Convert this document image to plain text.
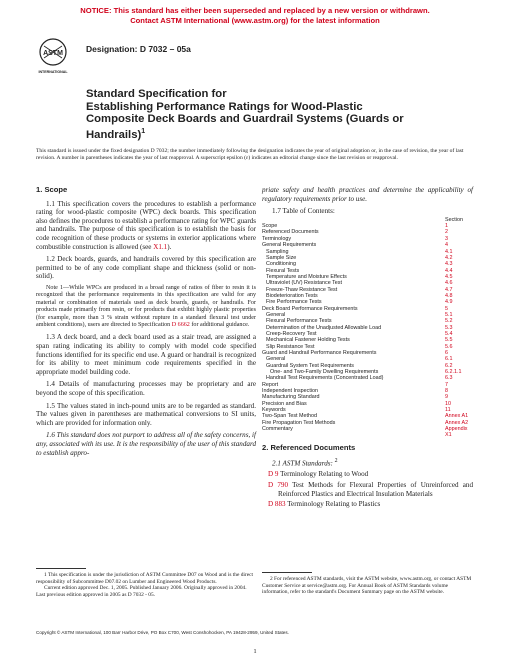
NOTICE: This standard has either been superseded and replaced by a new version or withdrawn.
Contact ASTM International (www.astm.org) for the latest information
ASTM
INTERNATIONAL
Designation: D 7032 – 05a
Standard Specification for
Establishing Performance Ratings for Wood-Plastic
Composite Deck Boards and Guardrail Systems (Guards or
Handrails)$^1$
This standard is issued under the fixed designation D 7032; the number immediately following the designation indicates the year of original adoption or, in the case of revision, the year of last revision. A number in parentheses indicates the year of last reapproval. A superscript epsilon (ε) indicates an editorial change since the last revision or reapproval.
1. Scope

1.1 This specification covers the procedures to establish a performance rating for wood-plastic composite (WPC) deck boards. This specification also defines the procedures to establish a performance rating for WPC guards and handrails. The purpose of this specification is to establish the basis for code recognition of these products or systems in exterior applications where combustible construction is allowed (see X1.1).

1.2 Deck boards, guards, and handrails covered by this specification are permitted to be of any code compliant shape and thickness (solid or non-solid).

Note 1—While WPCs are produced in a broad range of ratios of fiber to resin it is recognized that the performance requirements in this specification are valid for any material or combination of materials used as deck boards, guards, or handrails. For products made primarily from resin, or for products that exhibit highly plastic properties (for example, more than 3 % strain without rupture in a standard flexural test under ambient conditions), users are directed to Specification D 6662 for additional guidance.

1.3 A deck board, and a deck board used as a stair tread, are assigned a span rating indicating its ability to comply with model code specified functions identified for its specific end use. A guard or handrail is recognized for its ability to meet minimum code requirements specified in the appropriate model building code.

1.4 Details of manufacturing processes may be proprietary and are beyond the scope of this specification.

1.5 The values stated in inch-pound units are to be regarded as standard. The values given in parentheses are mathematical conversions to SI units, which are provided for information only.

1.6 This standard does not purport to address all of the safety concerns, if any, associated with its use. It is the responsibility of the user of this standard to establish appro-

priate safety and health practices and determine the applicability of regulatory requirements prior to use.

1.7 Table of Contents:

Section
Scope	1
Referenced Documents	2
Terminology	3
General Requirements	4
Sampling	4.1
Sample Size	4.2
Conditioning	4.3
Flexural Tests	4.4
Temperature and Moisture Effects	4.5
Ultraviolet (UV) Resistance Test	4.6
Freeze-Thaw Resistance Test	4.7
Biodeterioration Tests	4.8
Fire Performance Tests	4.9
Deck Board Performance Requirements	5
General	5.1
Flexural Performance Tests	5.2
Determination of the Unadjusted Allowable Load	5.3
Creep-Recovery Test	5.4
Mechanical Fastener Holding Tests	5.5
Slip Resistance Test	5.6
Guard and Handrail Performance Requirements	6
General	6.1
Guardrail System Test Requirements	6.2
One- and Two-Family Dwelling Requirements	6.2.1.1
Handrail Test Requirements (Concentrated Load)	6.3
Report	7
Independent Inspection	8
Manufacturing Standard	9
Precision and Bias	10
Keywords	11
Two-Span Test Method	Annex A1
Fire Propagation Test Methods	Annex A2
Commentary	Appendix X1
2. Referenced Documents

2.1 ASTM Standards: $^2$

D 9 Terminology Relating to Wood

D 790 Test Methods for Flexural Properties of Unreinforced and Reinforced Plastics and Electrical Insulation Materials

D 883 Terminology Relating to Plastics

1 This specification is under the jurisdiction of ASTM Committee D07 on Wood and is the direct responsibility of Subcommittee D07.02 on Lumber and Engineered Wood Products.
Current edition approved Dec. 1, 2005. Published January 2006. Originally approved in 2004. Last previous edition approved in 2005 as D 7032 - 05.
2 For referenced ASTM standards, visit the ASTM website, www.astm.org, or contact ASTM Customer Service at service@astm.org. For Annual Book of ASTM Standards volume information, refer to the standard's Document Summary page on the ASTM website.
Copyright © ASTM International, 100 Barr Harbor Drive, PO Box C700, West Conshohocken, PA 19428-2959, United States.
1
